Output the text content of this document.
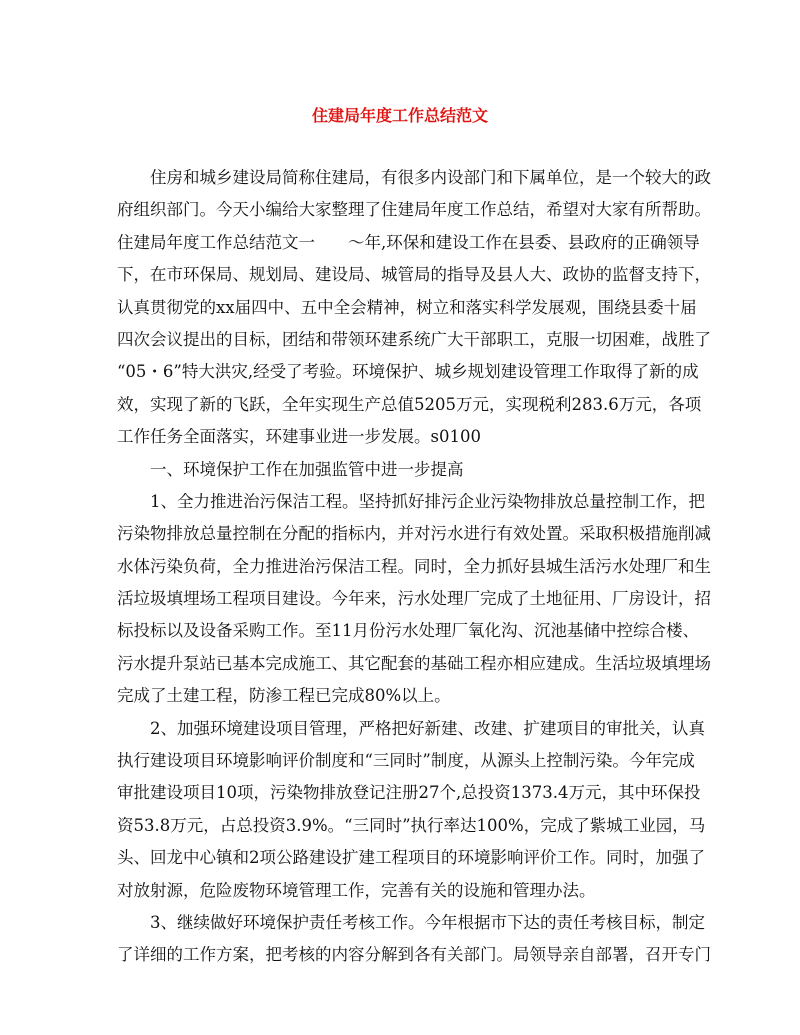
住建局年度工作总结范文
住房和城乡建设局简称住建局，有很多内设部门和下属单位，是一个较大的政
府组织部门。今天小编给大家整理了住建局年度工作总结，希望对大家有所帮助。
住建局年度工作总结范文一　　～年,环保和建设工作在县委、县政府的正确领导
下，在市环保局、规划局、建设局、城管局的指导及县人大、政协的监督支持下，
认真贯彻党的xx届四中、五中全会精神，树立和落实科学发展观，围绕县委十届
四次会议提出的目标，团结和带领环建系统广大干部职工，克服一切困难，战胜了
“05・6”特大洪灾,经受了考验。环境保护、城乡规划建设管理工作取得了新的成
效，实现了新的飞跃，全年实现生产总值5205万元，实现税利283.6万元，各项
工作任务全面落实，环建事业进一步发展。s0100
一、环境保护工作在加强监管中进一步提高
1、全力推进治污保洁工程。坚持抓好排污企业污染物排放总量控制工作，把
污染物排放总量控制在分配的指标内，并对污水进行有效处置。采取积极措施削减
水体污染负荷，全力推进治污保洁工程。同时，全力抓好县城生活污水处理厂和生
活垃圾填埋场工程项目建设。今年来，污水处理厂完成了土地征用、厂房设计，招
标投标以及设备采购工作。至11月份污水处理厂氧化沟、沉池基储中控综合楼、
污水提升泵站已基本完成施工、其它配套的基础工程亦相应建成。生活垃圾填埋场
完成了土建工程，防渗工程已完成80%以上。
2、加强环境建设项目管理，严格把好新建、改建、扩建项目的审批关，认真
执行建设项目环境影响评价制度和“三同时”制度，从源头上控制污染。今年完成
审批建设项目10项，污染物排放登记注册27个,总投资1373.4万元，其中环保投
资53.8万元，占总投资3.9%。“三同时”执行率达100%，完成了紫城工业园，马
头、回龙中心镇和2项公路建设扩建工程项目的环境影响评价工作。同时，加强了
对放射源，危险废物环境管理工作，完善有关的设施和管理办法。
3、继续做好环境保护责任考核工作。今年根据市下达的责任考核目标，制定
了详细的工作方案，把考核的内容分解到各有关部门。局领导亲自部署，召开专门
